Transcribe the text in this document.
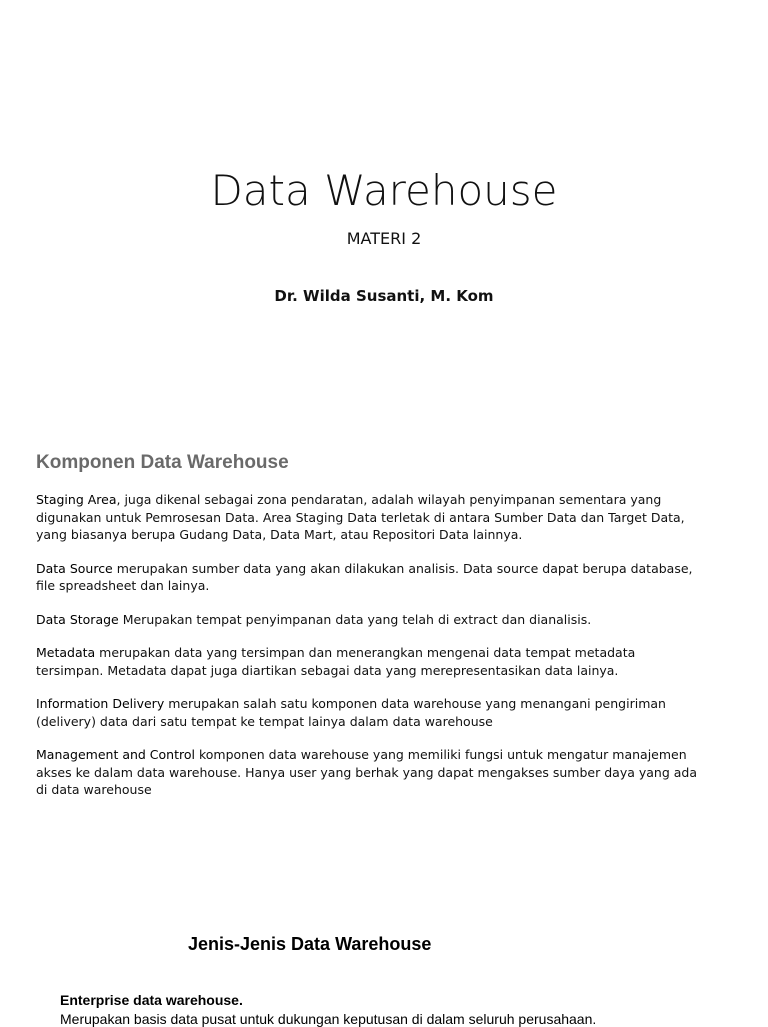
Data Warehouse
MATERI 2
Dr. Wilda Susanti, M. Kom
Komponen Data Warehouse

Staging Area, juga dikenal sebagai zona pendaratan, adalah wilayah penyimpanan sementara yang digunakan untuk Pemrosesan Data. Area Staging Data terletak di antara Sumber Data dan Target Data, yang biasanya berupa Gudang Data, Data Mart, atau Repositori Data lainnya.

Data Source merupakan sumber data yang akan dilakukan analisis. Data source dapat berupa database, file spreadsheet dan lainya.

Data Storage Merupakan tempat penyimpanan data yang telah di extract dan dianalisis.

Metadata merupakan data yang tersimpan dan menerangkan mengenai data tempat metadata tersimpan. Metadata dapat juga diartikan sebagai data yang merepresentasikan data lainya.

Information Delivery merupakan salah satu komponen data warehouse yang menangani pengiriman (delivery) data dari satu tempat ke tempat lainya dalam data warehouse

Management and Control komponen data warehouse yang memiliki fungsi untuk mengatur manajemen akses ke dalam data warehouse. Hanya user yang berhak yang dapat mengakses sumber daya yang ada di data warehouse

Jenis-Jenis Data Warehouse
Enterprise data warehouse.
Merupakan basis data pusat untuk dukungan keputusan di dalam seluruh perusahaan.
